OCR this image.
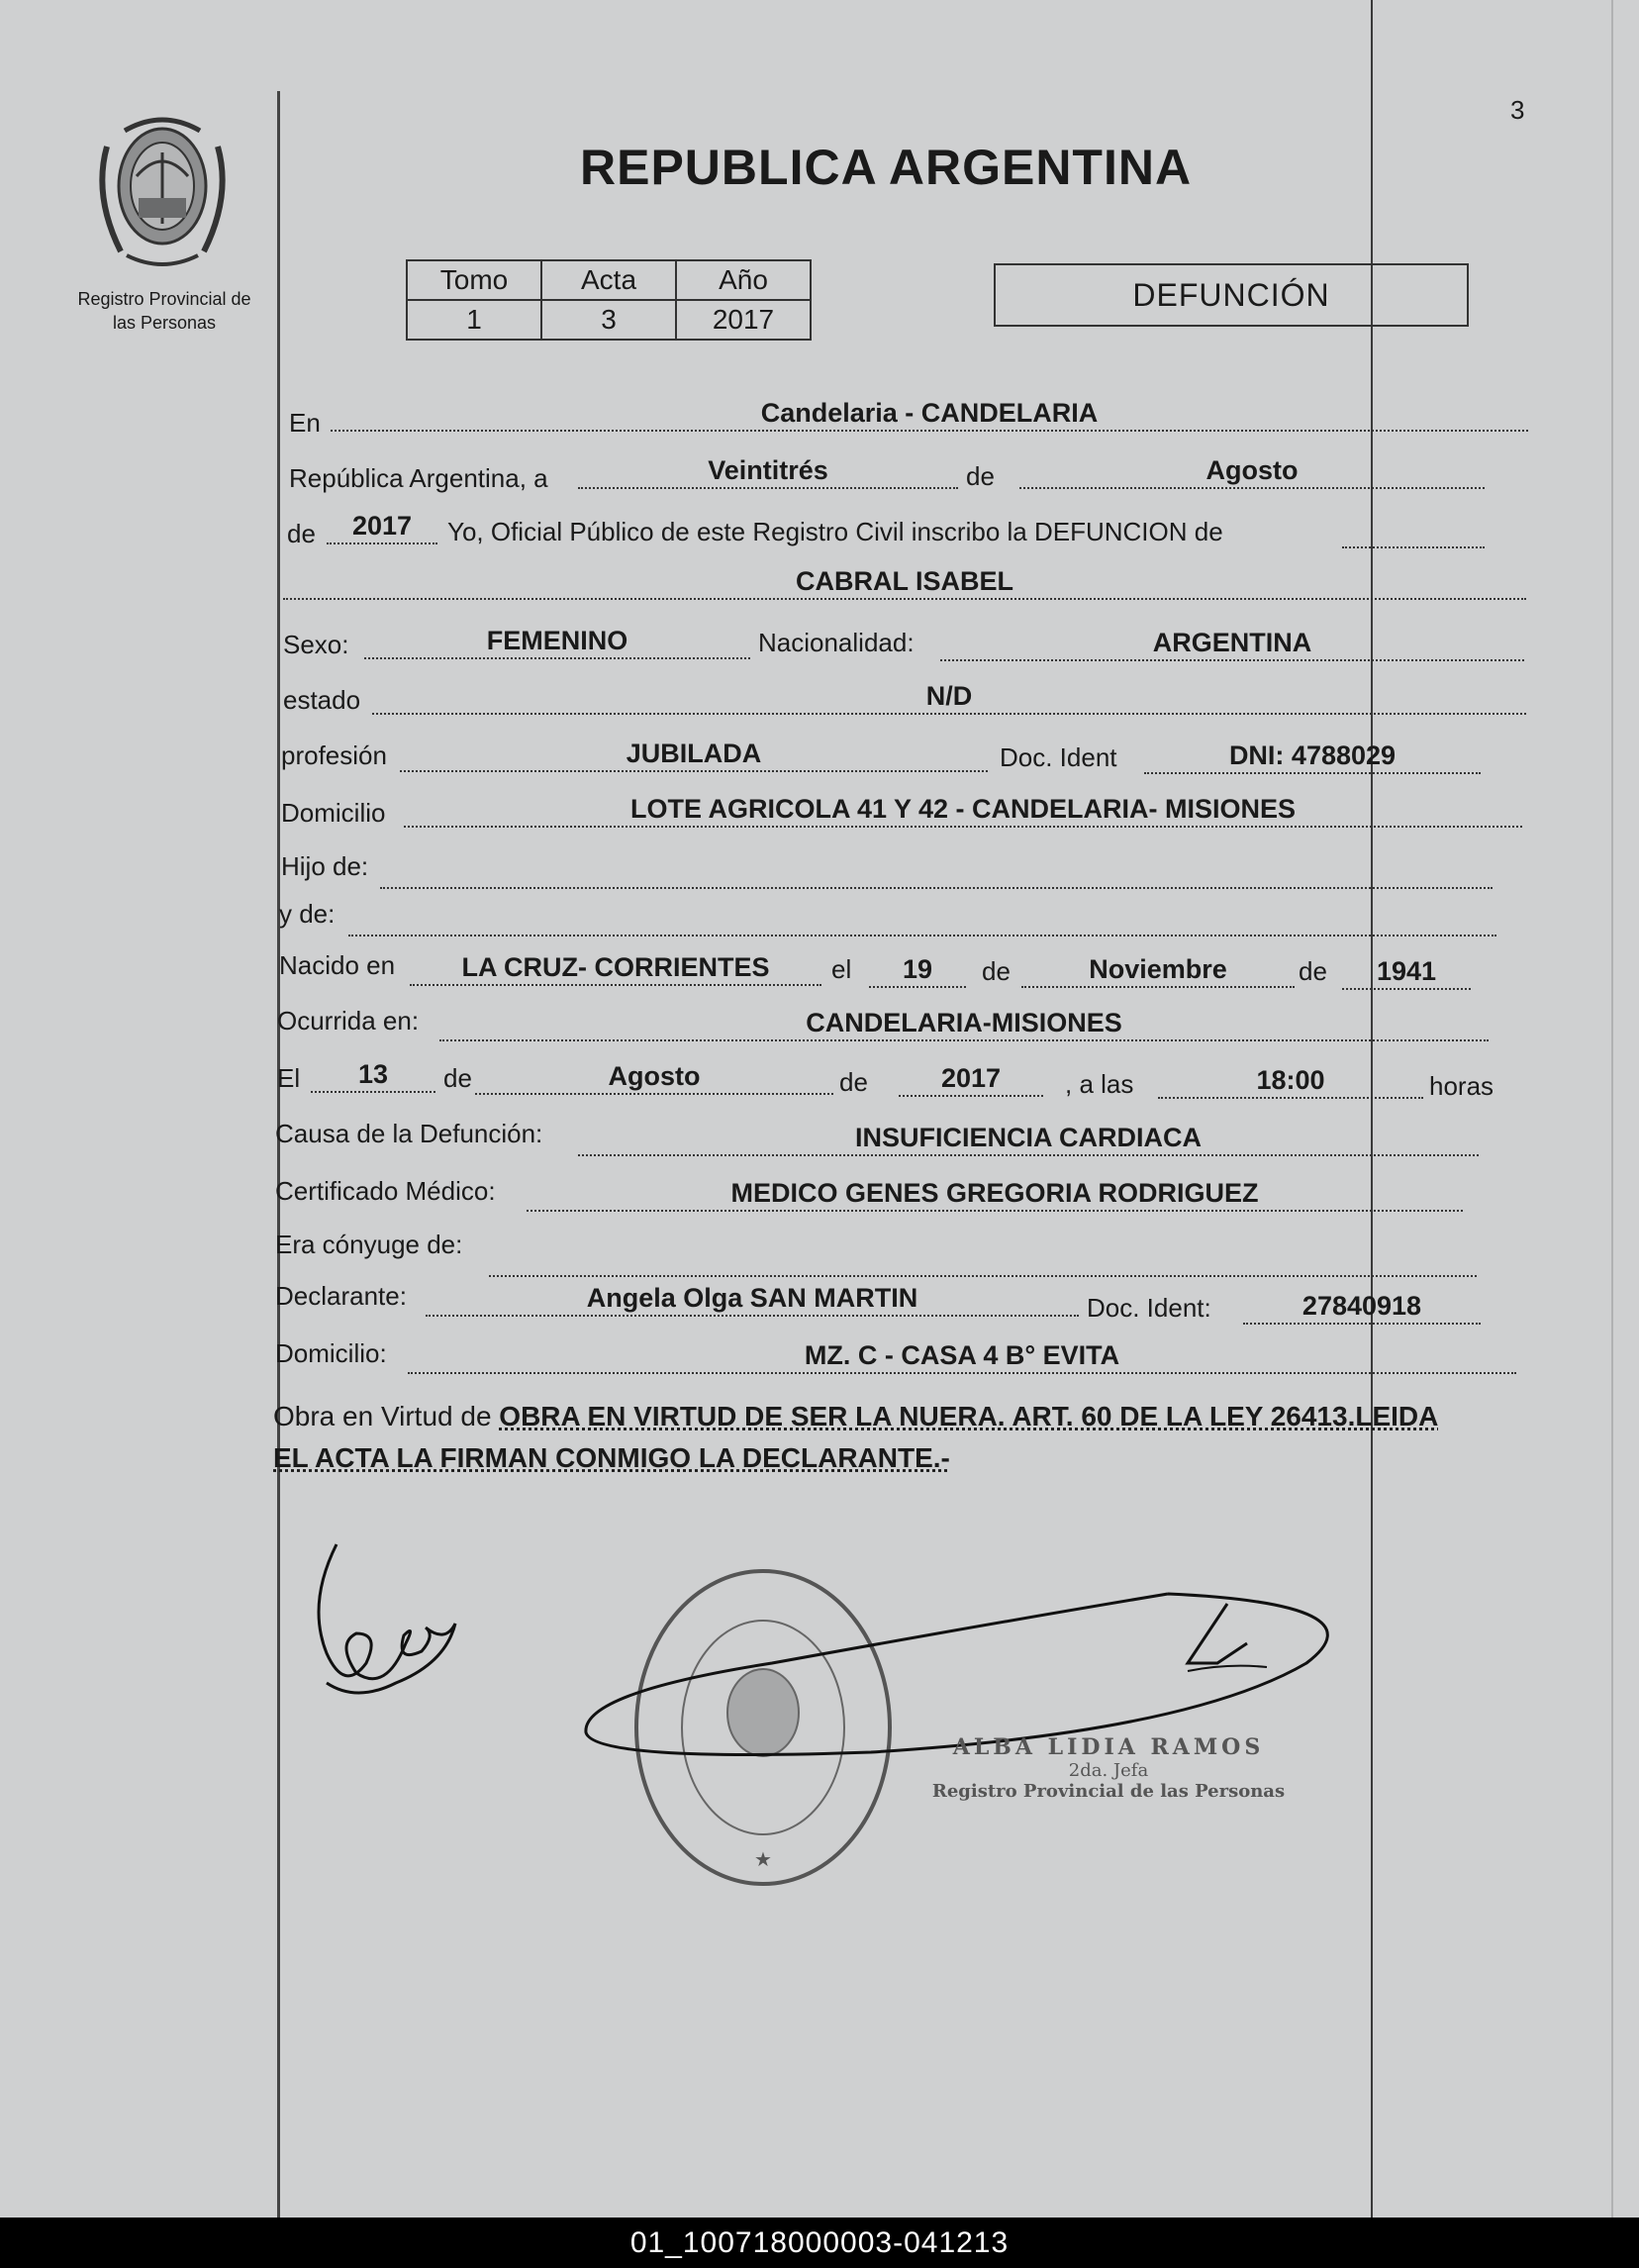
3
Registro Provincial de
las Personas
REPUBLICA ARGENTINA
Tomo	Acta	Año
1	3	2017
DEFUNCIÓN
En	Candelaria - CANDELARIA
República Argentina, a	Veintitrés	de	Agosto
de	2017	Yo, Oficial Público de este Registro Civil inscribo la DEFUNCION de
CABRAL ISABEL
Sexo:	FEMENINO	Nacionalidad:	ARGENTINA
estado	N/D
profesión	JUBILADA	Doc. Ident	DNI: 4788029
Domicilio	LOTE AGRICOLA 41 Y 42 - CANDELARIA- MISIONES
Hijo de:
y de:
Nacido en	LA CRUZ- CORRIENTES	el	19	de	Noviembre	de	1941
Ocurrida en:	CANDELARIA-MISIONES
El	13	de	Agosto	de	2017	, a las	18:00	horas
Causa de la Defunción:	INSUFICIENCIA CARDIACA
Certificado Médico:	MEDICO GENES GREGORIA RODRIGUEZ
Era cónyuge de:
Declarante:	Angela Olga SAN MARTIN	Doc. Ident:	27840918
Domicilio:	MZ. C - CASA 4 B° EVITA
Obra en Virtud de OBRA EN VIRTUD DE SER LA NUERA. ART. 60 DE LA LEY 26413.LEIDA
EL ACTA LA FIRMAN CONMIGO LA DECLARANTE.-
★
ALBA LIDIA RAMOS
2da. Jefa
Registro Provincial de las Personas
01_100718000003-041213
